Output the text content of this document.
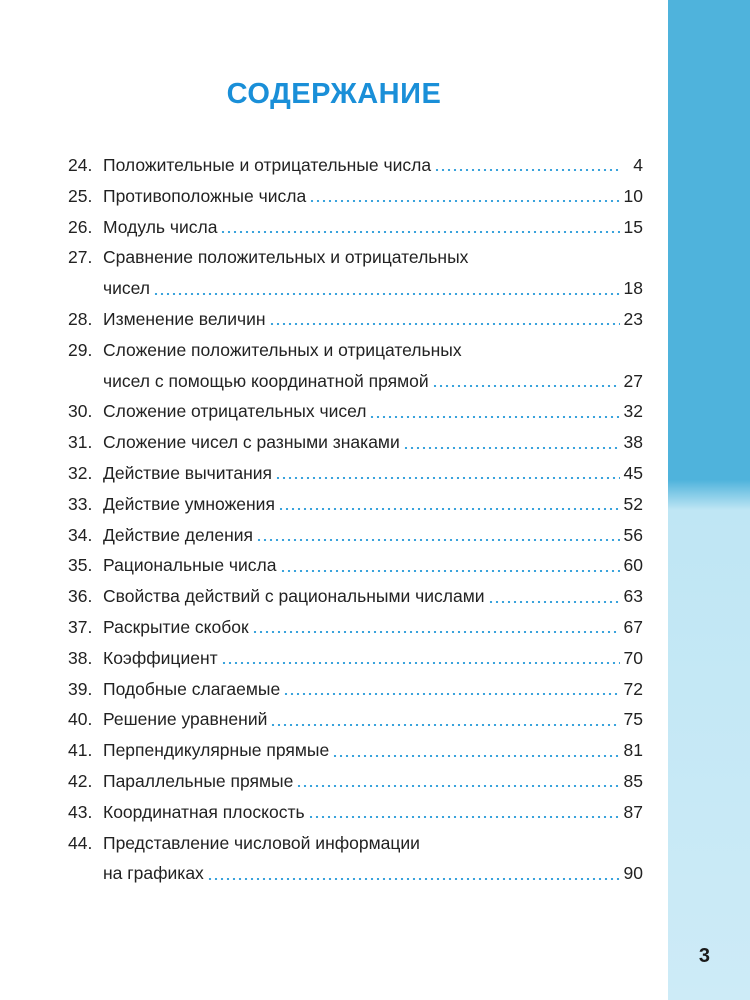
СОДЕРЖАНИЕ
24. Положительные и отрицательные числа	4
25. Противоположные числа	10
26. Модуль числа	15
27. Сравнение положительных и отрицательных
чисел	18
28. Изменение величин	23
29. Сложение положительных и отрицательных
чисел с помощью координатной прямой	27
30. Сложение отрицательных чисел	32
31. Сложение чисел с разными знаками	38
32. Действие вычитания	45
33. Действие умножения	52
34. Действие деления	56
35. Рациональные числа	60
36. Свойства действий с рациональными числами	63
37. Раскрытие скобок	67
38. Коэффициент	70
39. Подобные слагаемые	72
40. Решение уравнений	75
41. Перпендикулярные прямые	81
42. Параллельные прямые	85
43. Координатная плоскость	87
44. Представление числовой информации
на графиках	90
3
